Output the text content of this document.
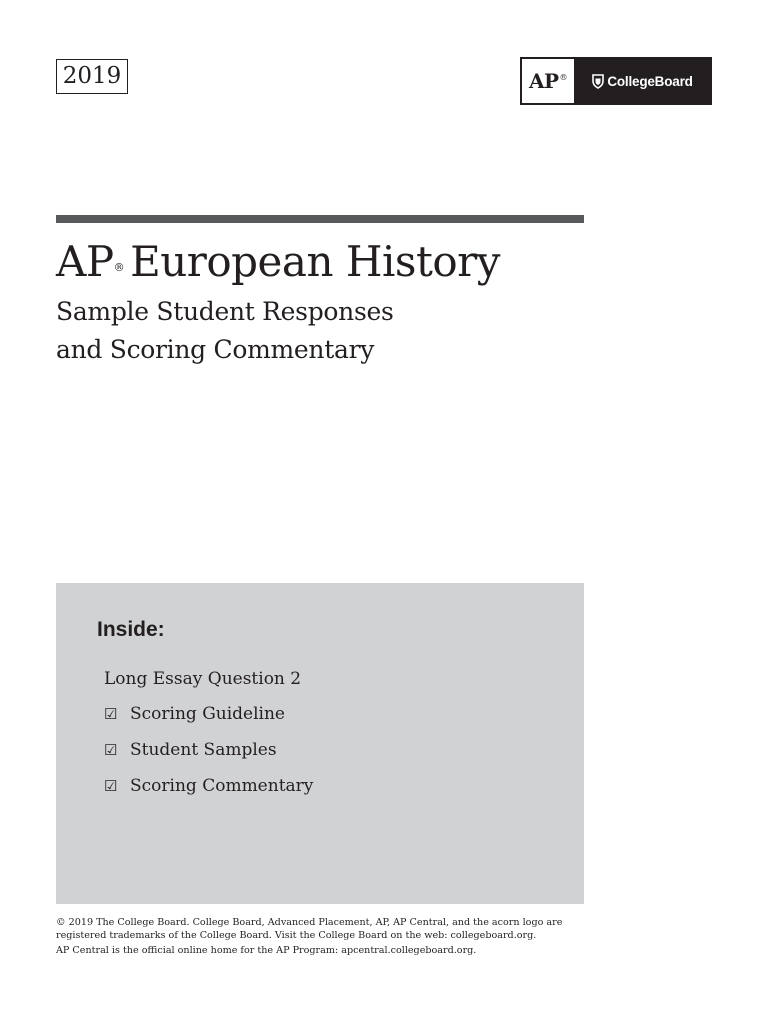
2019	AP®	CollegeBoard
AP® European History
Sample Student Responses
and Scoring Commentary
Inside:
Long Essay Question 2
☑ Scoring Guideline
☑ Student Samples
☑ Scoring Commentary

© 2019 The College Board. College Board, Advanced Placement, AP, AP Central, and the acorn logo are
registered trademarks of the College Board. Visit the College Board on the web: collegeboard.org.

AP Central is the official online home for the AP Program: apcentral.collegeboard.org.
